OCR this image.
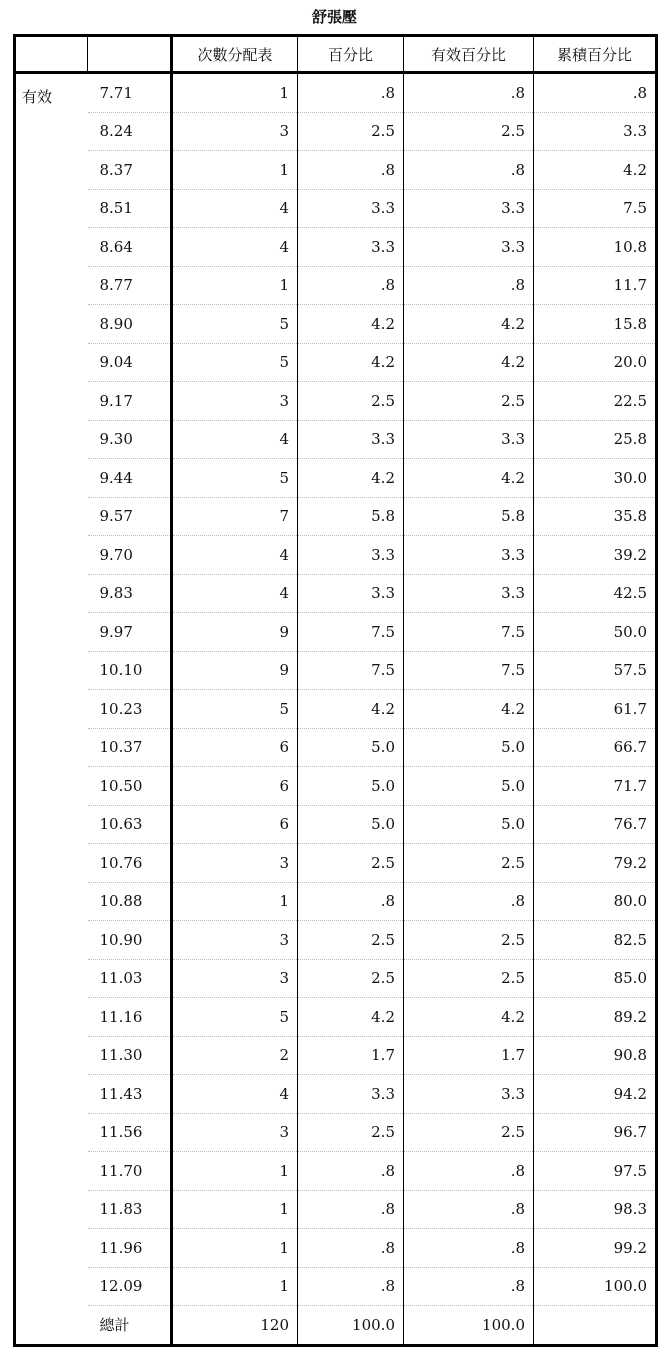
舒張壓
		次數分配表	百分比	有效百分比	累積百分比
有效	7.71	1	.8	.8	.8
	8.24	3	2.5	2.5	3.3
	8.37	1	.8	.8	4.2
	8.51	4	3.3	3.3	7.5
	8.64	4	3.3	3.3	10.8
	8.77	1	.8	.8	11.7
	8.90	5	4.2	4.2	15.8
	9.04	5	4.2	4.2	20.0
	9.17	3	2.5	2.5	22.5
	9.30	4	3.3	3.3	25.8
	9.44	5	4.2	4.2	30.0
	9.57	7	5.8	5.8	35.8
	9.70	4	3.3	3.3	39.2
	9.83	4	3.3	3.3	42.5
	9.97	9	7.5	7.5	50.0
	10.10	9	7.5	7.5	57.5
	10.23	5	4.2	4.2	61.7
	10.37	6	5.0	5.0	66.7
	10.50	6	5.0	5.0	71.7
	10.63	6	5.0	5.0	76.7
	10.76	3	2.5	2.5	79.2
	10.88	1	.8	.8	80.0
	10.90	3	2.5	2.5	82.5
	11.03	3	2.5	2.5	85.0
	11.16	5	4.2	4.2	89.2
	11.30	2	1.7	1.7	90.8
	11.43	4	3.3	3.3	94.2
	11.56	3	2.5	2.5	96.7
	11.70	1	.8	.8	97.5
	11.83	1	.8	.8	98.3
	11.96	1	.8	.8	99.2
	12.09	1	.8	.8	100.0
	總計	120	100.0	100.0	
